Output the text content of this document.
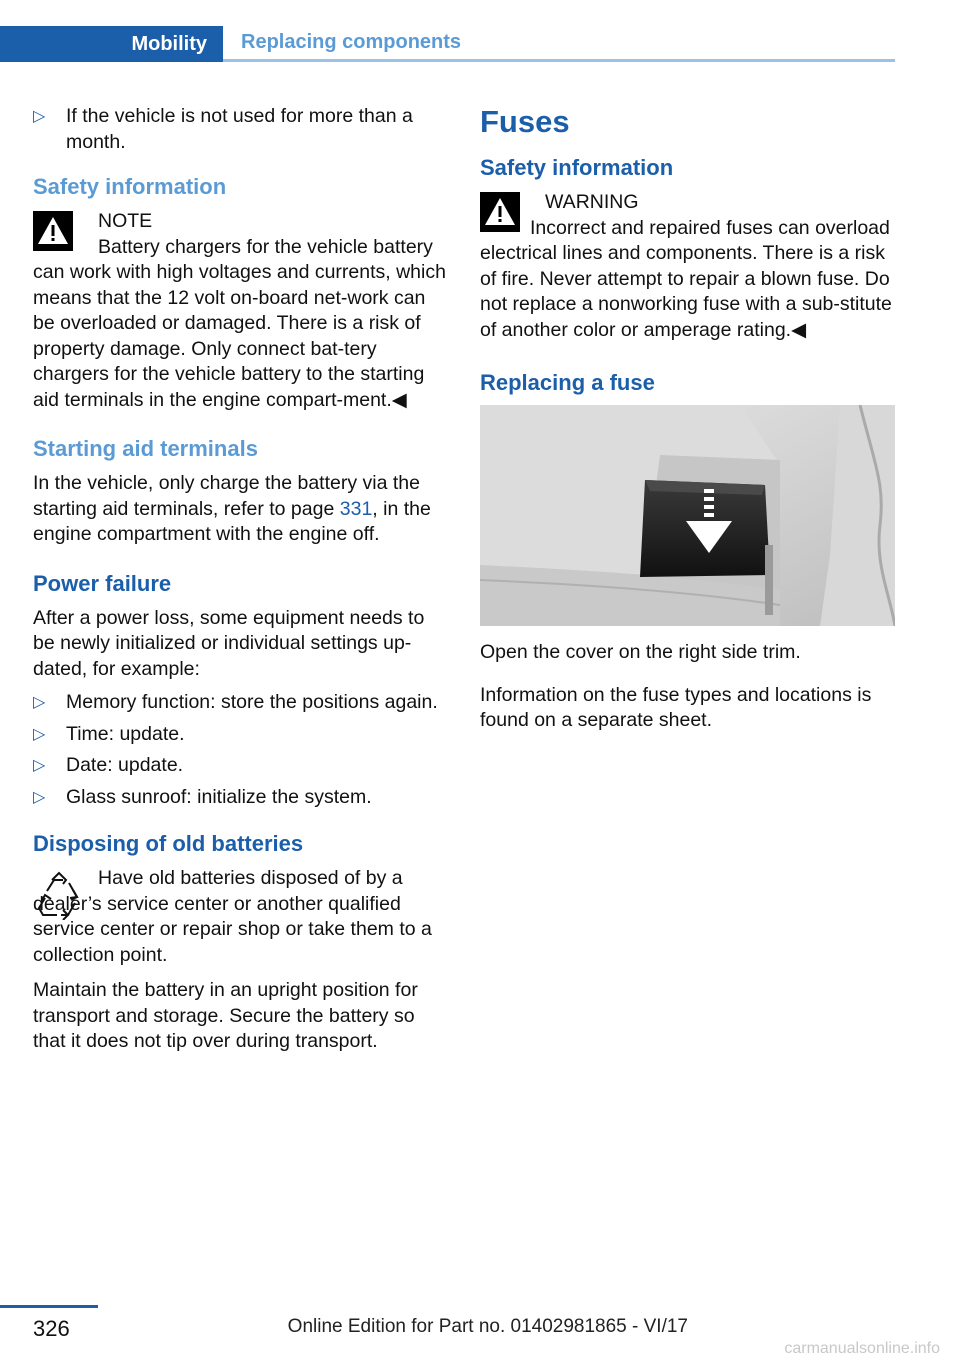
Mobility	Replacing components
▷ If the vehicle is not used for more than a month.
Safety information
NOTE
Battery chargers for the vehicle battery can work with high voltages and currents, which means that the 12 volt on-board net-work can be overloaded or damaged. There is a risk of property damage. Only connect bat-tery chargers for the vehicle battery to the starting aid terminals in the engine compart-ment.◀
Starting aid terminals

In the vehicle, only charge the battery via the starting aid terminals, refer to page 331, in the engine compartment with the engine off.

Power failure

After a power loss, some equipment needs to be newly initialized or individual settings up-dated, for example:

▷ Memory function: store the positions again.
▷ Time: update.
▷ Date: update.
▷ Glass sunroof: initialize the system.
Disposing of old batteries
Have old batteries disposed of by a dealer’s service center or another qualified service center or repair shop or take them to a collection point.

Maintain the battery in an upright position for transport and storage. Secure the battery so that it does not tip over during transport.

Fuses
Safety information
WARNING
Incorrect and repaired fuses can overload electrical lines and components. There is a risk of fire. Never attempt to repair a blown fuse. Do not replace a nonworking fuse with a sub-stitute of another color or amperage rating.◀
Replacing a fuse

Open the cover on the right side trim.

Information on the fuse types and locations is found on a separate sheet.

326	Online Edition for Part no. 01402981865 - VI/17
carmanualsonline.info
